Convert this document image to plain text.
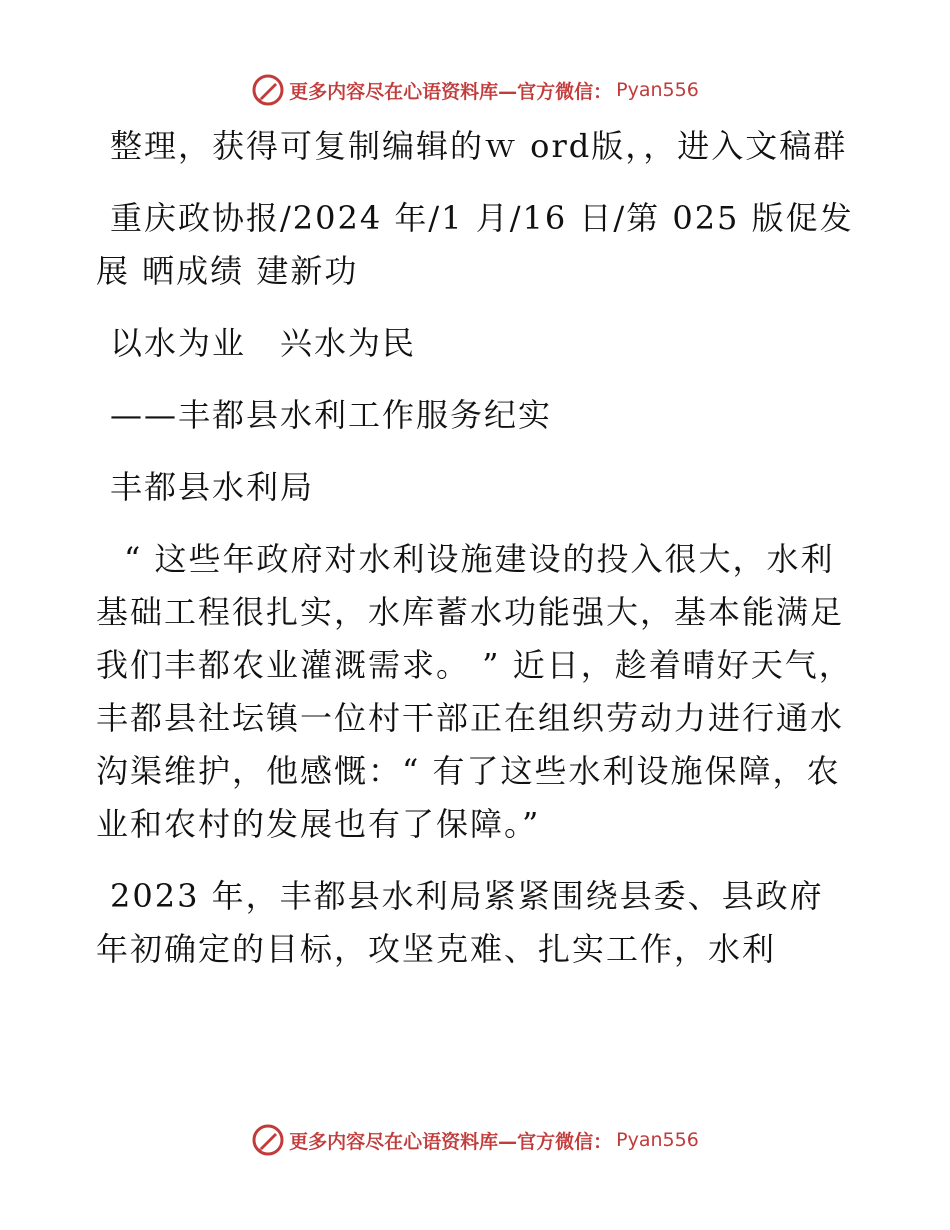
更多内容尽在心语资料库—官方微信： Pyan556

整理，获得可复制编辑的ｗ ord版，，进入文稿群

重庆政协报/2024 年/1 月/16 日/第 025 版促发展 晒成绩 建新功

以水为业　兴水为民

——丰都县水利工作服务纪实

丰都县水利局

“ 这些年政府对水利设施建设的投入很大，水利基础工程很扎实，水库蓄水功能强大，基本能满足我们丰都农业灌溉需求。 ” 近日，趁着晴好天气，丰都县社坛镇一位村干部正在组织劳动力进行通水沟渠维护，他感慨：“ 有了这些水利设施保障，农业和农村的发展也有了保障。”

2023 年，丰都县水利局紧紧围绕县委、县政府年初确定的目标，攻坚克难、扎实工作，水利

更多内容尽在心语资料库—官方微信： Pyan556
